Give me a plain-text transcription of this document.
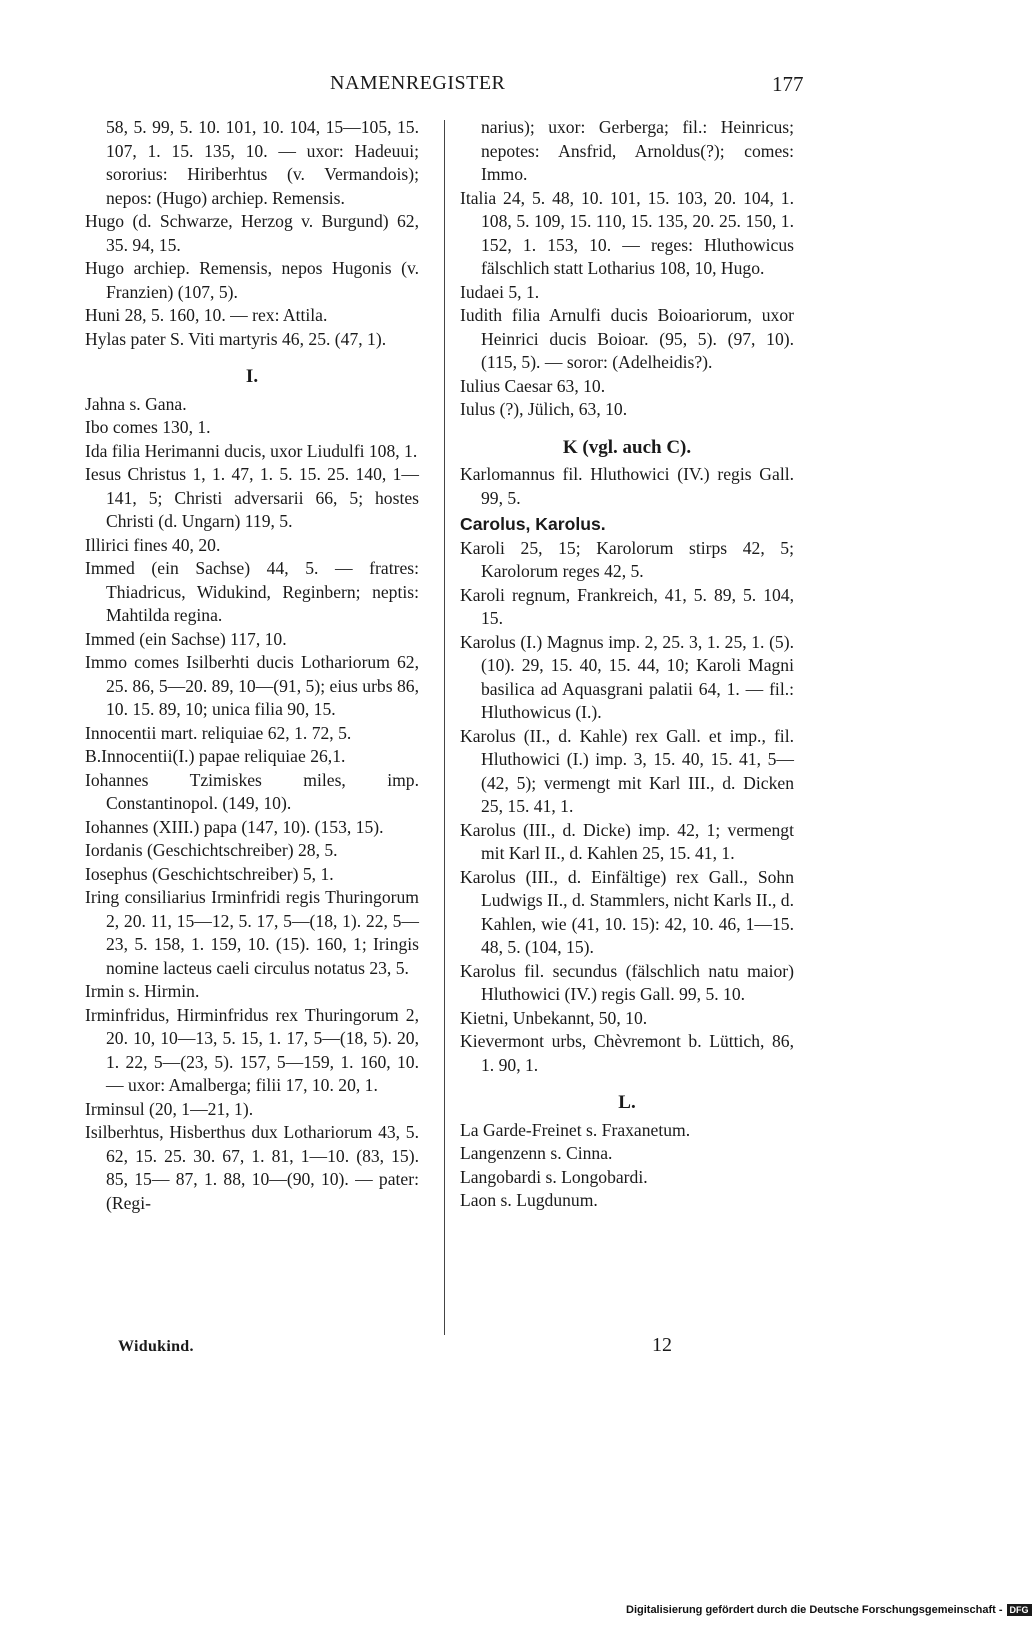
NAMENREGISTER	177

58, 5. 99, 5. 10. 101, 10. 104, 15—105, 15. 107, 1. 15. 135, 10. — uxor: Hadeuui; sororius: Hiriberhtus (v. Vermandois); nepos: (Hugo) archiep. Remensis.

Hugo (d. Schwarze, Herzog v. Burgund) 62, 35. 94, 15.

Hugo archiep. Remensis, nepos Hugonis (v. Franzien) (107, 5).

Huni 28, 5. 160, 10. — rex: Attila.

Hylas pater S. Viti martyris 46, 25. (47, 1).

I.

Jahna s. Gana.

Ibo comes 130, 1.

Ida filia Herimanni ducis, uxor Liudulfi 108, 1.

Iesus Christus 1, 1. 47, 1. 5. 15. 25. 140, 1—141, 5; Christi adversarii 66, 5; hostes Christi (d. Ungarn) 119, 5.

Illirici fines 40, 20.

Immed (ein Sachse) 44, 5. — fratres: Thiadricus, Widukind, Reginbern; neptis: Mahtilda regina.

Immed (ein Sachse) 117, 10.

Immo comes Isilberhti ducis Lothariorum 62, 25. 86, 5—20. 89, 10—(91, 5); eius urbs 86, 10. 15. 89, 10; unica filia 90, 15.

Innocentii mart. reliquiae 62, 1. 72, 5.

B.Innocentii(I.) papae reliquiae 26,1.

Iohannes Tzimiskes miles, imp. Constantinopol. (149, 10).

Iohannes (XIII.) papa (147, 10). (153, 15).

Iordanis (Geschichtschreiber) 28, 5.

Iosephus (Geschichtschreiber) 5, 1.

Iring consiliarius Irminfridi regis Thuringorum 2, 20. 11, 15—12, 5. 17, 5—(18, 1). 22, 5—23, 5. 158, 1. 159, 10. (15). 160, 1; Iringis nomine lacteus caeli circulus notatus 23, 5.

Irmin s. Hirmin.

Irminfridus, Hirminfridus rex Thuringorum 2, 20. 10, 10—13, 5. 15, 1. 17, 5—(18, 5). 20, 1. 22, 5—(23, 5). 157, 5—159, 1. 160, 10. — uxor: Amalberga; filii 17, 10. 20, 1.

Irminsul (20, 1—21, 1).

Isilberhtus, Hisberthus dux Lothariorum 43, 5. 62, 15. 25. 30. 67, 1. 81, 1—10. (83, 15). 85, 15— 87, 1. 88, 10—(90, 10). — pater: (Regi-

narius); uxor: Gerberga; fil.: Heinricus; nepotes: Ansfrid, Arnoldus(?); comes: Immo.

Italia 24, 5. 48, 10. 101, 15. 103, 20. 104, 1. 108, 5. 109, 15. 110, 15. 135, 20. 25. 150, 1. 152, 1. 153, 10. — reges: Hluthowicus fälschlich statt Lotharius 108, 10, Hugo.

Iudaei 5, 1.

Iudith filia Arnulfi ducis Boioariorum, uxor Heinrici ducis Boioar. (95, 5). (97, 10). (115, 5). — soror: (Adelheidis?).

Iulius Caesar 63, 10.

Iulus (?), Jülich, 63, 10.

K (vgl. auch C).

Karlomannus fil. Hluthowici (IV.) regis Gall. 99, 5.

Carolus, Karolus.

Karoli 25, 15; Karolorum stirps 42, 5; Karolorum reges 42, 5.

Karoli regnum, Frankreich, 41, 5. 89, 5. 104, 15.

Karolus (I.) Magnus imp. 2, 25. 3, 1. 25, 1. (5). (10). 29, 15. 40, 15. 44, 10; Karoli Magni basilica ad Aquasgrani palatii 64, 1. — fil.: Hluthowicus (I.).

Karolus (II., d. Kahle) rex Gall. et imp., fil. Hluthowici (I.) imp. 3, 15. 40, 15. 41, 5—(42, 5); vermengt mit Karl III., d. Dicken 25, 15. 41, 1.

Karolus (III., d. Dicke) imp. 42, 1; vermengt mit Karl II., d. Kahlen 25, 15. 41, 1.

Karolus (III., d. Einfältige) rex Gall., Sohn Ludwigs II., d. Stammlers, nicht Karls II., d. Kahlen, wie (41, 10. 15): 42, 10. 46, 1—15. 48, 5. (104, 15).

Karolus fil. secundus (fälschlich natu maior) Hluthowici (IV.) regis Gall. 99, 5. 10.

Kietni, Unbekannt, 50, 10.

Kievermont urbs, Chèvremont b. Lüttich, 86, 1. 90, 1.

L.

La Garde-Freinet s. Fraxanetum.

Langenzenn s. Cinna.

Langobardi s. Longobardi.

Laon s. Lugdunum.

Widukind.	12
Digitalisierung gefördert durch die Deutsche Forschungsgemeinschaft - DFG
